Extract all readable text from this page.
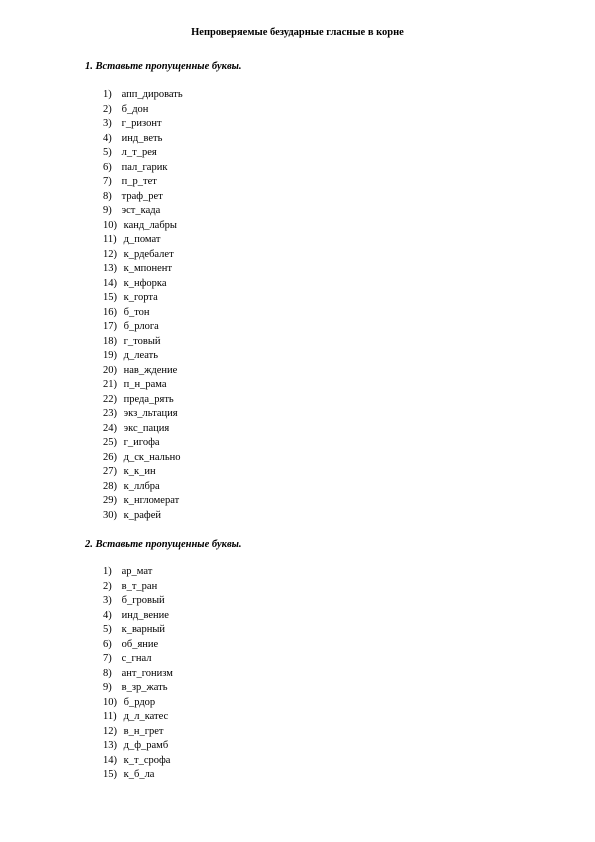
Непроверяемые безударные гласные в корне
1. Вставьте пропущенные буквы.
1) апп_дировать
2) б_дон
3) г_ризонт
4) инд_веть
5) л_т_рея
6) пал_гарик
7) п_р_тет
8) траф_рет
9) эст_када
10) канд_лабры
11) д_помат
12) к_рдебалет
13) к_мпонент
14) к_нфорка
15) к_горта
16) б_тон
17) б_рлога
18) г_товый
19) д_леать
20) нав_ждение
21) п_н_рама
22) преда_рять
23) экз_льтация
24) экс_пация
25) г_игофа
26) д_ск_нально
27) к_к_ин
28) к_ллбра
29) к_нгломерат
30) к_рафей
2. Вставьте пропущенные буквы.
1) ар_мат
2) в_т_ран
3) б_гровый
4) инд_вение
5) к_варный
6) об_яние
7) с_гнал
8) ант_гонизм
9) в_зр_жать
10) б_рдор
11) д_л_катес
12) в_н_грет
13) д_ф_рамб
14) к_т_срофа
15) к_б_ла
